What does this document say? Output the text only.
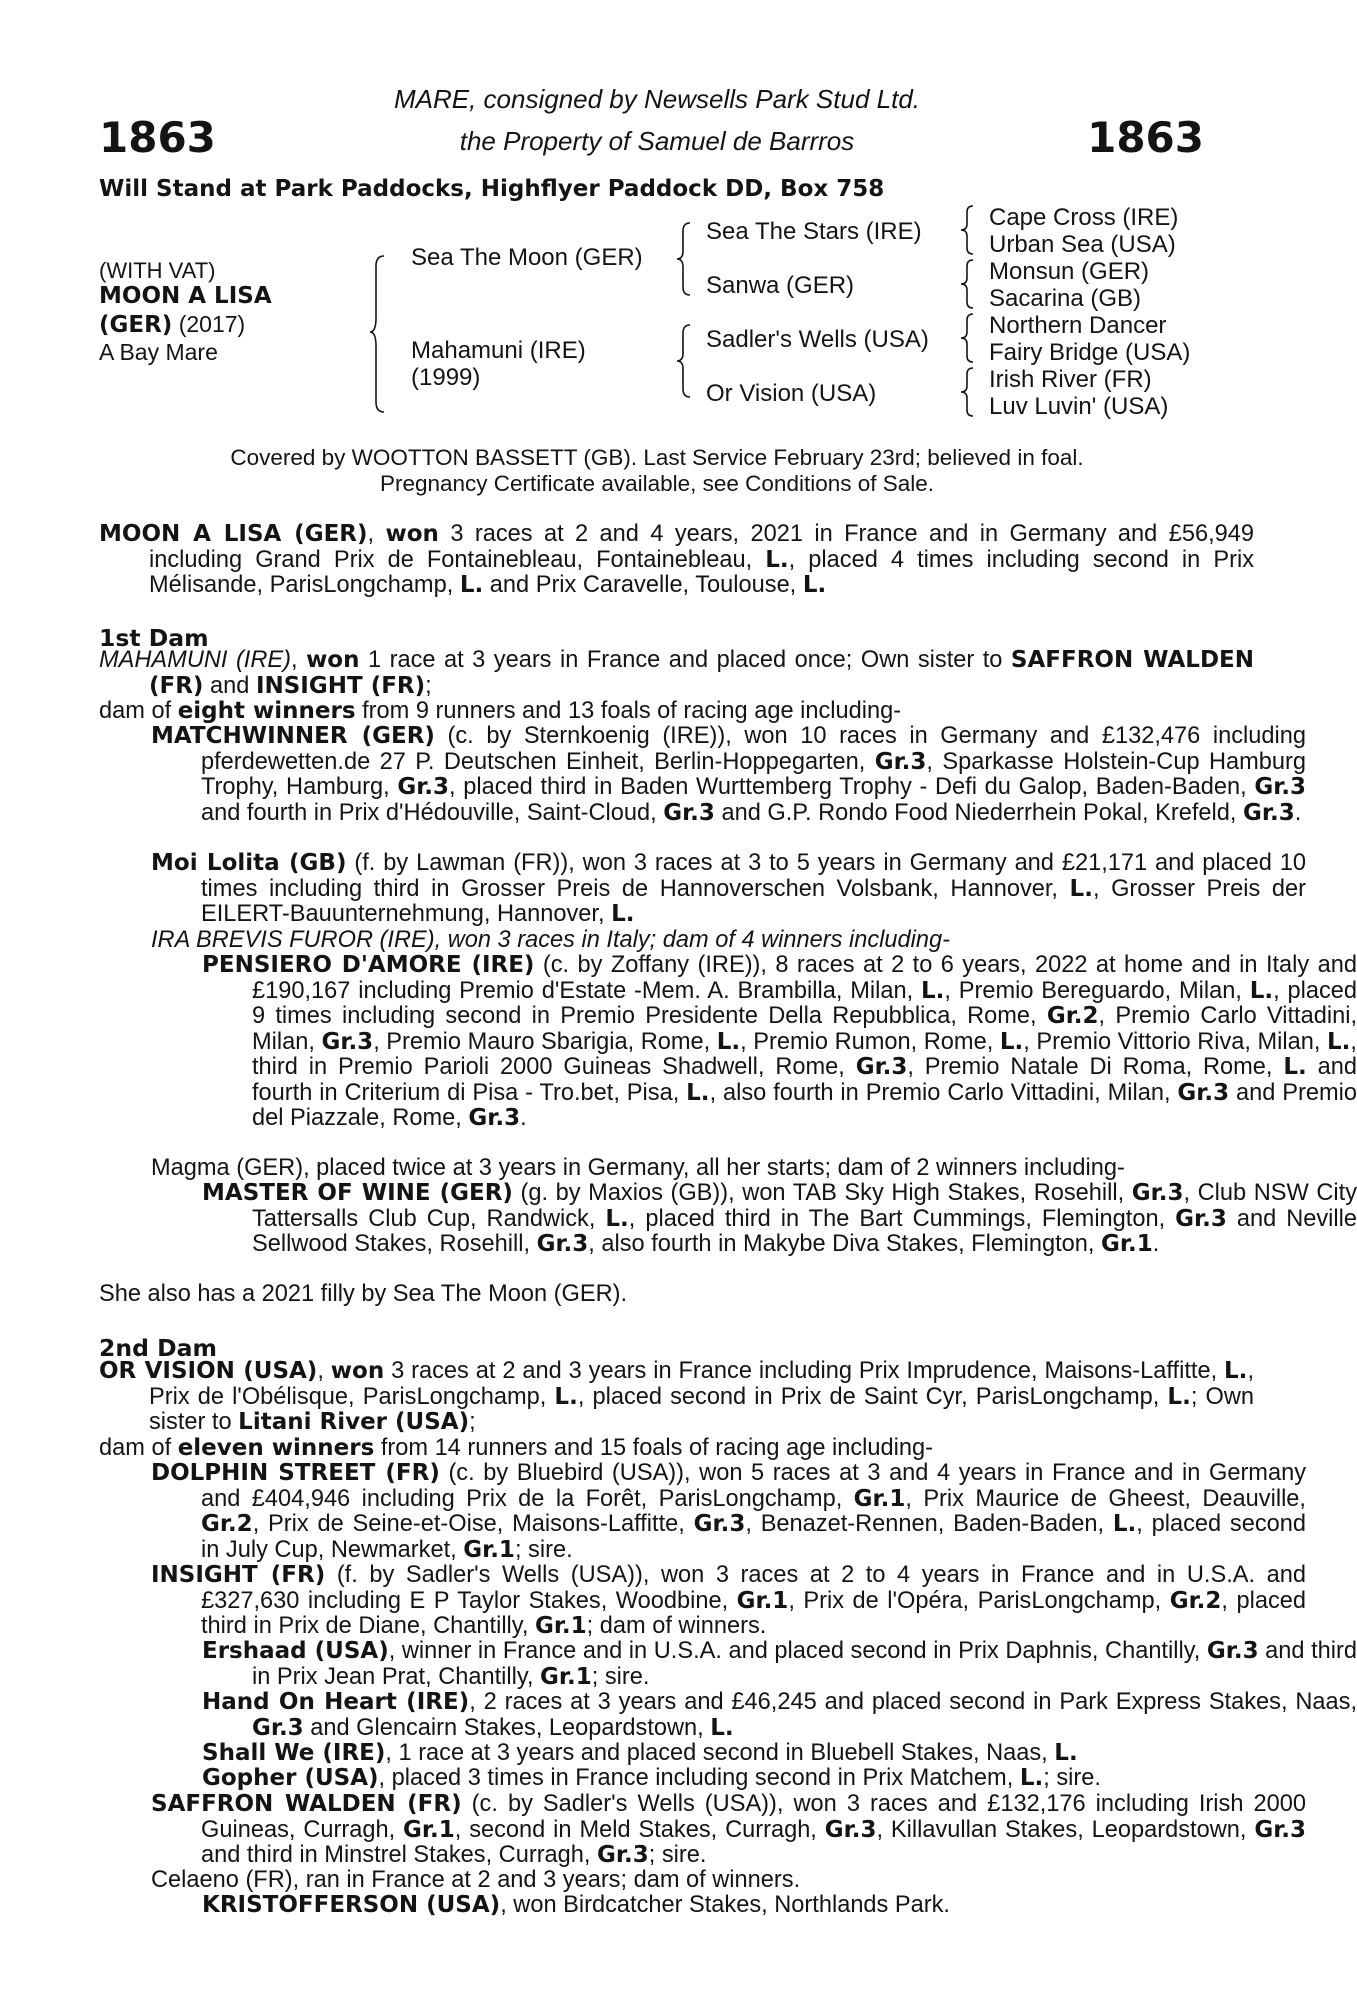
1863	1863
MARE, consigned by Newsells Park Stud Ltd.
the Property of Samuel de Barrros
Will Stand at Park Paddocks, Highflyer Paddock DD, Box 758
(WITH VAT)
MOON A LISA
(GER) (2017)
A Bay Mare
Sea The Moon (GER)
Mahamuni (IRE)
(1999)
Sea The Stars (IRE)
Sanwa (GER)
Sadler's Wells (USA)
Or Vision (USA)
Cape Cross (IRE)
Urban Sea (USA)
Monsun (GER)
Sacarina (GB)
Northern Dancer
Fairy Bridge (USA)
Irish River (FR)
Luv Luvin' (USA)
Covered by WOOTTON BASSETT (GB). Last Service February 23rd; believed in foal.
Pregnancy Certificate available, see Conditions of Sale.
MOON A LISA (GER), won 3 races at 2 and 4 years, 2021 in France and in Germany and £56,949 including Grand Prix de Fontainebleau, Fontainebleau, L., placed 4 times including second in Prix Mélisande, ParisLongchamp, L. and Prix Caravelle, Toulouse, L.
1st Dam
MAHAMUNI (IRE), won 1 race at 3 years in France and placed once; Own sister to SAFFRON WALDEN (FR) and INSIGHT (FR);
dam of eight winners from 9 runners and 13 foals of racing age including-
MATCHWINNER (GER) (c. by Sternkoenig (IRE)), won 10 races in Germany and £132,476 including pferdewetten.de 27 P. Deutschen Einheit, Berlin-Hoppegarten, Gr.3, Sparkasse Holstein-Cup Hamburg Trophy, Hamburg, Gr.3, placed third in Baden Wurttemberg Trophy - Defi du Galop, Baden-Baden, Gr.3 and fourth in Prix d'Hédouville, Saint-Cloud, Gr.3 and G.P. Rondo Food Niederrhein Pokal, Krefeld, Gr.3.
Moi Lolita (GB) (f. by Lawman (FR)), won 3 races at 3 to 5 years in Germany and £21,171 and placed 10 times including third in Grosser Preis de Hannoverschen Volsbank, Hannover, L., Grosser Preis der EILERT-Bauunternehmung, Hannover, L.
IRA BREVIS FUROR (IRE), won 3 races in Italy; dam of 4 winners including-
PENSIERO D'AMORE (IRE) (c. by Zoffany (IRE)), 8 races at 2 to 6 years, 2022 at home and in Italy and £190,167 including Premio d'Estate -Mem. A. Brambilla, Milan, L., Premio Bereguardo, Milan, L., placed 9 times including second in Premio Presidente Della Repubblica, Rome, Gr.2, Premio Carlo Vittadini, Milan, Gr.3, Premio Mauro Sbarigia, Rome, L., Premio Rumon, Rome, L., Premio Vittorio Riva, Milan, L., third in Premio Parioli 2000 Guineas Shadwell, Rome, Gr.3, Premio Natale Di Roma, Rome, L. and fourth in Criterium di Pisa - Tro.bet, Pisa, L., also fourth in Premio Carlo Vittadini, Milan, Gr.3 and Premio del Piazzale, Rome, Gr.3.
Magma (GER), placed twice at 3 years in Germany, all her starts; dam of 2 winners including-
MASTER OF WINE (GER) (g. by Maxios (GB)), won TAB Sky High Stakes, Rosehill, Gr.3, Club NSW City Tattersalls Club Cup, Randwick, L., placed third in The Bart Cummings, Flemington, Gr.3 and Neville Sellwood Stakes, Rosehill, Gr.3, also fourth in Makybe Diva Stakes, Flemington, Gr.1.
She also has a 2021 filly by Sea The Moon (GER).
2nd Dam
OR VISION (USA), won 3 races at 2 and 3 years in France including Prix Imprudence, Maisons-Laffitte, L., Prix de l'Obélisque, ParisLongchamp, L., placed second in Prix de Saint Cyr, ParisLongchamp, L.; Own sister to Litani River (USA);
dam of eleven winners from 14 runners and 15 foals of racing age including-
DOLPHIN STREET (FR) (c. by Bluebird (USA)), won 5 races at 3 and 4 years in France and in Germany and £404,946 including Prix de la Forêt, ParisLongchamp, Gr.1, Prix Maurice de Gheest, Deauville, Gr.2, Prix de Seine-et-Oise, Maisons-Laffitte, Gr.3, Benazet-Rennen, Baden-Baden, L., placed second in July Cup, Newmarket, Gr.1; sire.
INSIGHT (FR) (f. by Sadler's Wells (USA)), won 3 races at 2 to 4 years in France and in U.S.A. and £327,630 including E P Taylor Stakes, Woodbine, Gr.1, Prix de l'Opéra, ParisLongchamp, Gr.2, placed third in Prix de Diane, Chantilly, Gr.1; dam of winners.
Ershaad (USA), winner in France and in U.S.A. and placed second in Prix Daphnis, Chantilly, Gr.3 and third in Prix Jean Prat, Chantilly, Gr.1; sire.
Hand On Heart (IRE), 2 races at 3 years and £46,245 and placed second in Park Express Stakes, Naas, Gr.3 and Glencairn Stakes, Leopardstown, L.
Shall We (IRE), 1 race at 3 years and placed second in Bluebell Stakes, Naas, L.
Gopher (USA), placed 3 times in France including second in Prix Matchem, L.; sire.
SAFFRON WALDEN (FR) (c. by Sadler's Wells (USA)), won 3 races and £132,176 including Irish 2000 Guineas, Curragh, Gr.1, second in Meld Stakes, Curragh, Gr.3, Killavullan Stakes, Leopardstown, Gr.3 and third in Minstrel Stakes, Curragh, Gr.3; sire.
Celaeno (FR), ran in France at 2 and 3 years; dam of winners.
KRISTOFFERSON (USA), won Birdcatcher Stakes, Northlands Park.
